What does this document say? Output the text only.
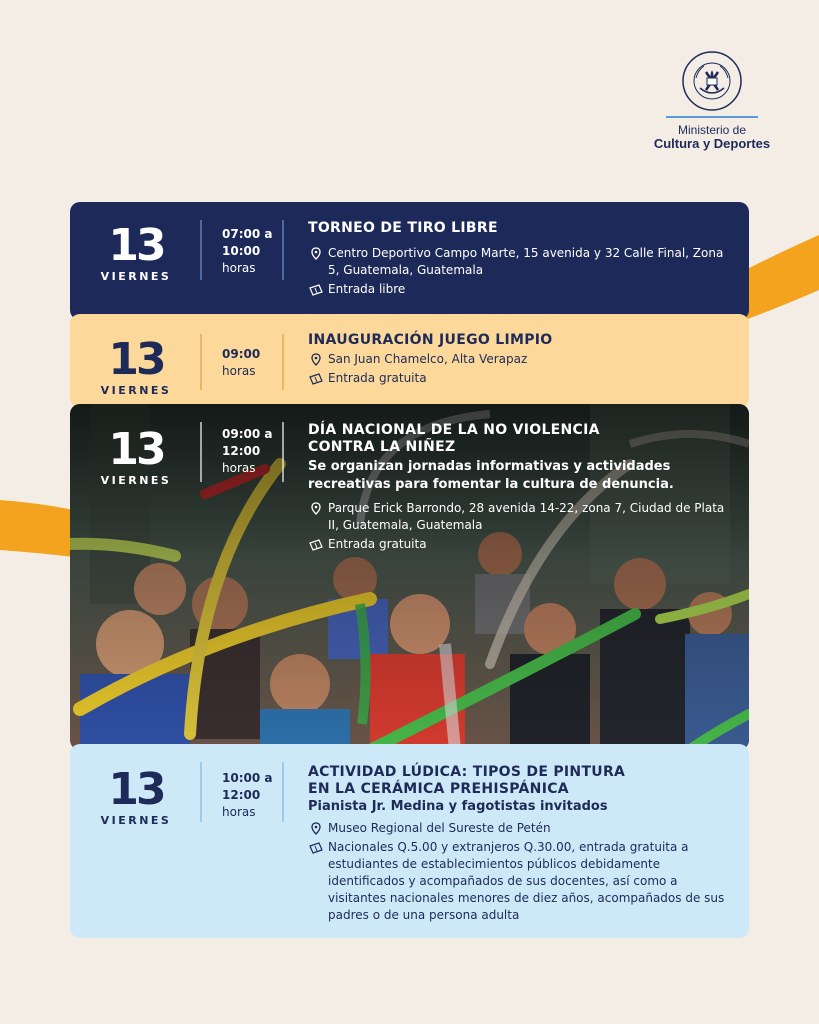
Ministerio de
Cultura y Deportes
13
VIERNES
07:00 a
10:00
horas
TORNEO DE TIRO LIBRE
Centro Deportivo Campo Marte, 15 avenida y 32 Calle Final, Zona 5, Guatemala, Guatemala
Entrada libre
13
VIERNES
09:00
horas
INAUGURACIÓN JUEGO LIMPIO
San Juan Chamelco, Alta Verapaz
Entrada gratuita
13
VIERNES
09:00 a
12:00
horas
DÍA NACIONAL DE LA NO VIOLENCIA
CONTRA LA NIÑEZ
Se organizan jornadas informativas y actividades recreativas para fomentar la cultura de denuncia.
Parque Erick Barrondo, 28 avenida 14-22, zona 7, Ciudad de Plata II, Guatemala, Guatemala
Entrada gratuita
13
VIERNES
10:00 a
12:00
horas
ACTIVIDAD LÚDICA: TIPOS DE PINTURA
EN LA CERÁMICA PREHISPÁNICA
Pianista Jr. Medina y fagotistas invitados
Museo Regional del Sureste de Petén
Nacionales Q.5.00 y extranjeros Q.30.00, entrada gratuita a estudiantes de establecimientos públicos debidamente identificados y acompañados de sus docentes, así como a visitantes nacionales menores de diez años, acompañados de sus padres o de una persona adulta
